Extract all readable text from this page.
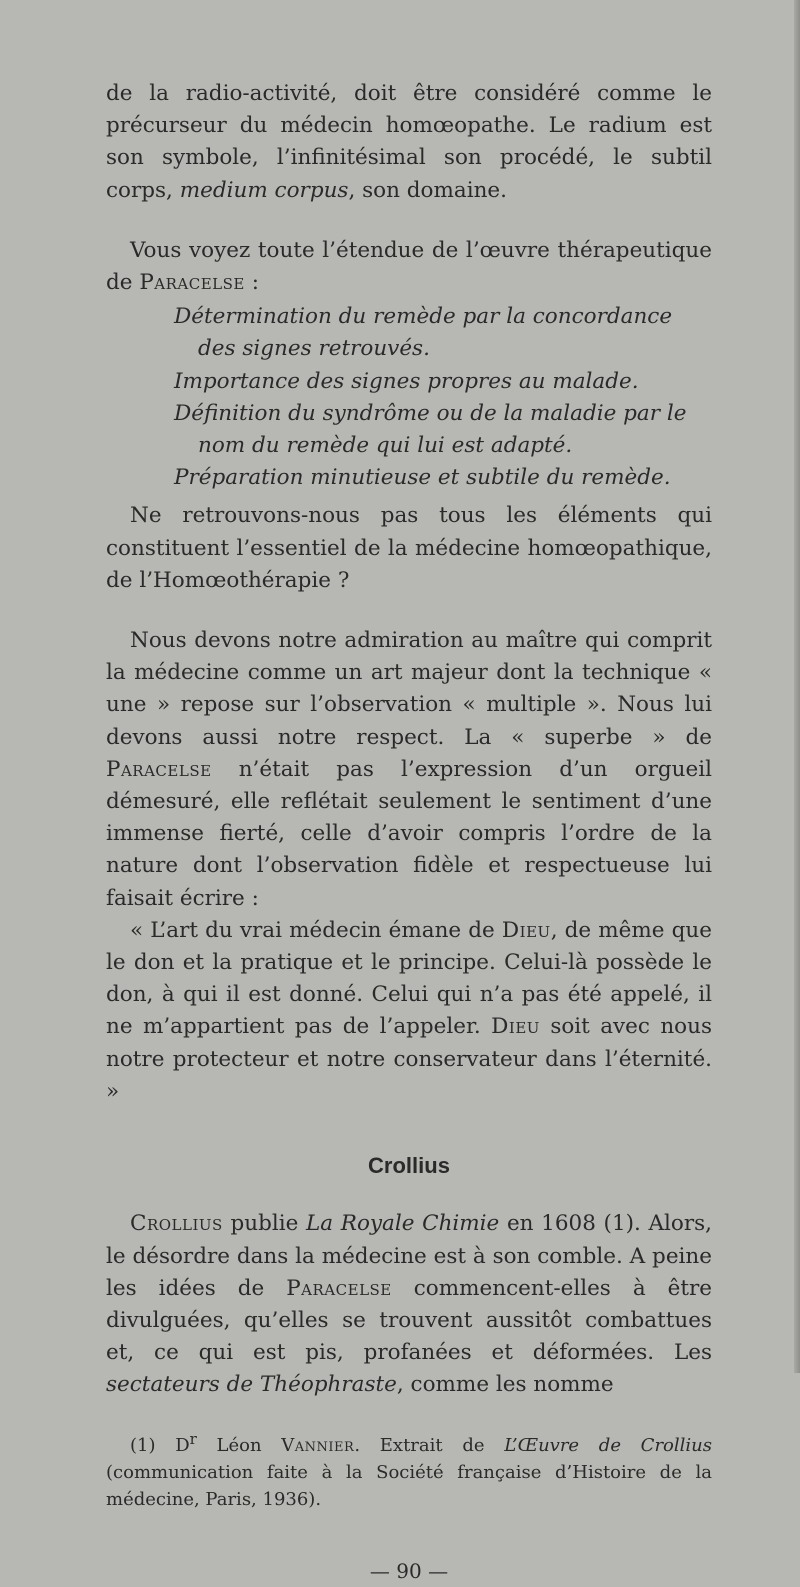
de la radio-activité, doit être considéré comme le précurseur du médecin homœopathe. Le radium est son symbole, l’infinitésimal son procédé, le subtil corps, medium corpus, son domaine.

Vous voyez toute l’étendue de l’œuvre thérapeutique de Paracelse :

Détermination du remède par la concordance des signes retrouvés.
Importance des signes propres au malade.
Définition du syndrôme ou de la maladie par le nom du remède qui lui est adapté.
Préparation minutieuse et subtile du remède.

Ne retrouvons-nous pas tous les éléments qui constituent l’essentiel de la médecine homœopathique, de l’Homœothérapie ?

Nous devons notre admiration au maître qui comprit la médecine comme un art majeur dont la technique « une » repose sur l’observation « multiple ». Nous lui devons aussi notre respect. La « superbe » de Paracelse n’était pas l’expression d’un orgueil démesuré, elle reflétait seulement le sentiment d’une immense fierté, celle d’avoir compris l’ordre de la nature dont l’observation fidèle et respectueuse lui faisait écrire :

« L’art du vrai médecin émane de Dieu, de même que le don et la pratique et le principe. Celui-là possède le don, à qui il est donné. Celui qui n’a pas été appelé, il ne m’appartient pas de l’appeler. Dieu soit avec nous notre protecteur et notre conservateur dans l’éternité. »

Crollius

Crollius publie La Royale Chimie en 1608 (1). Alors, le désordre dans la médecine est à son comble. A peine les idées de Paracelse commencent-elles à être divulguées, qu’elles se trouvent aussitôt combattues et, ce qui est pis, profanées et déformées. Les sectateurs de Théophraste, comme les nomme

(1) $D^r$ Léon Vannier. Extrait de L’Œuvre de Crollius (communication faite à la Société française d’Histoire de la médecine, Paris, 1936).

— 90 —
